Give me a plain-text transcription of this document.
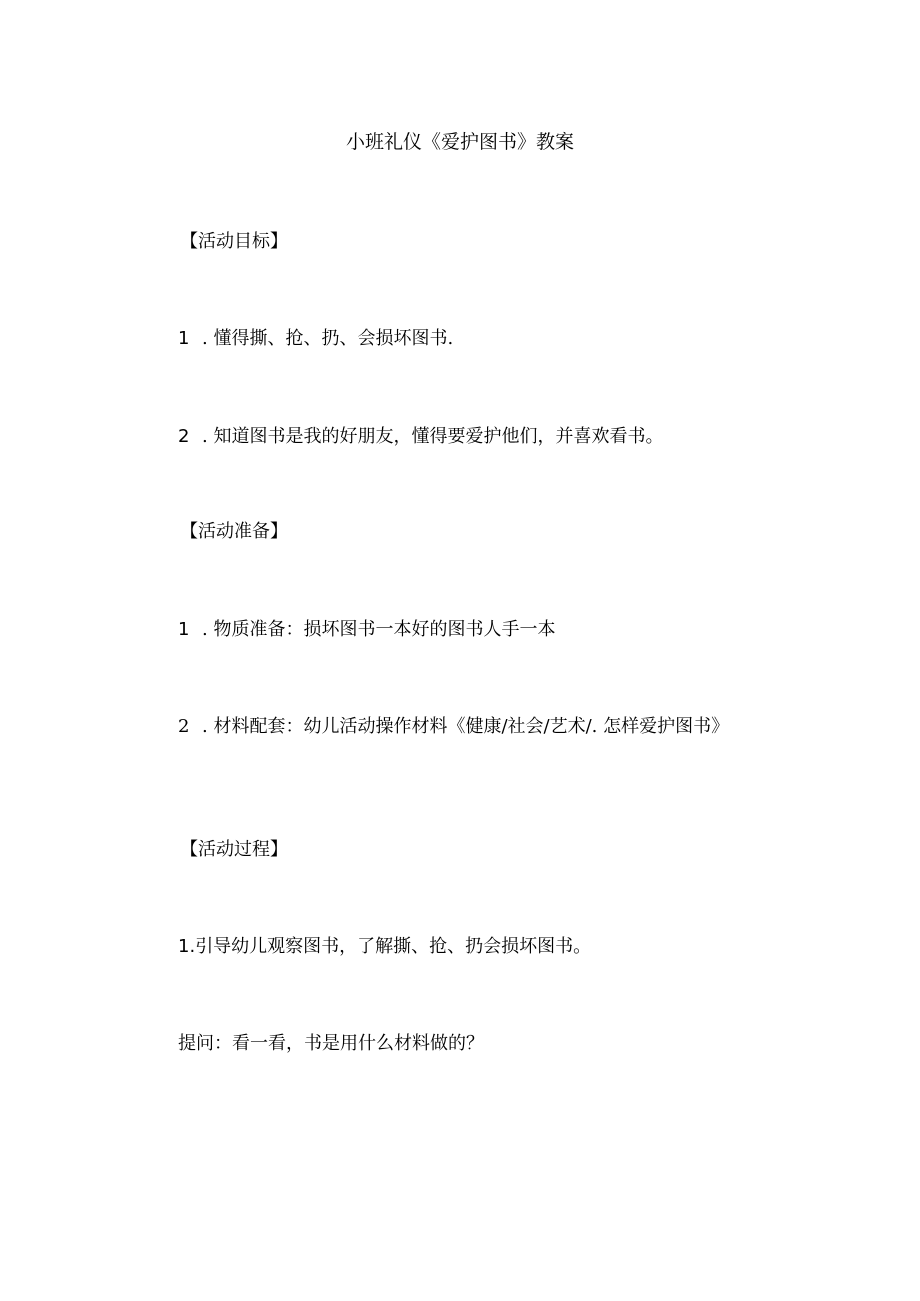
小班礼仪《爱护图书》教案
【活动目标】
1 . 懂得撕、抢、扔、会损坏图书.
2 . 知道图书是我的好朋友，懂得要爱护他们，并喜欢看书。
【活动准备】
1 . 物质准备：损坏图书一本好的图书人手一本
2 . 材料配套：幼儿活动操作材料《健康/社会/艺术/. 怎样爱护图书》
【活动过程】
1.引导幼儿观察图书，了解撕、抢、扔会损坏图书。
提问：看一看，书是用什么材料做的？
